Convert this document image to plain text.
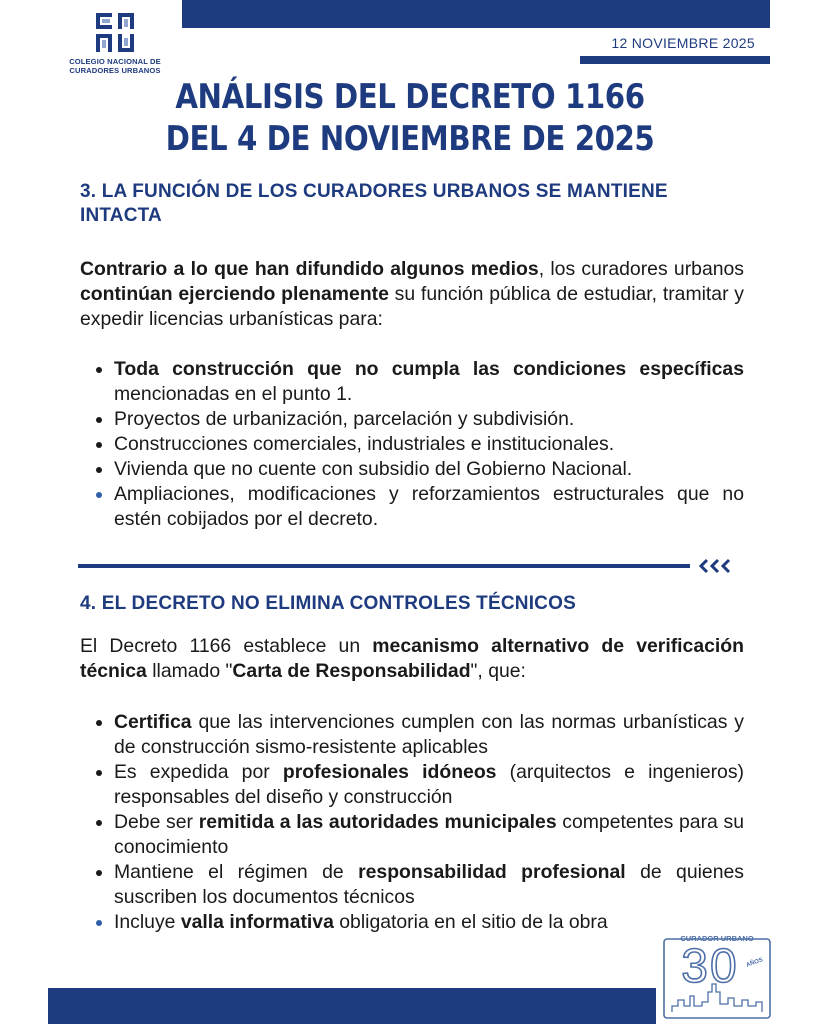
COLEGIO NACIONAL DE
CURADORES URBANOS
12 NOVIEMBRE 2025
ANÁLISIS DEL DECRETO 1166
DEL 4 DE NOVIEMBRE DE 2025
3. LA FUNCIÓN DE LOS CURADORES URBANOS SE MANTIENE INTACTA

Contrario a lo que han difundido algunos medios, los curadores urbanos continúan ejerciendo plenamente su función pública de estudiar, tramitar y expedir licencias urbanísticas para:

Toda construcción que no cumpla las condiciones específicas mencionadas en el punto 1.
Proyectos de urbanización, parcelación y subdivisión.
Construcciones comerciales, industriales e institucionales.
Vivienda que no cuente con subsidio del Gobierno Nacional.
Ampliaciones, modificaciones y reforzamientos estructurales que no estén cobijados por el decreto.
4. EL DECRETO NO ELIMINA CONTROLES TÉCNICOS

El Decreto 1166 establece un mecanismo alternativo de verificación técnica llamado "Carta de Responsabilidad", que:

Certifica que las intervenciones cumplen con las normas urbanísticas y de construcción sismo-resistente aplicables
Es expedida por profesionales idóneos (arquitectos e ingenieros) responsables del diseño y construcción
Debe ser remitida a las autoridades municipales competentes para su conocimiento
Mantiene el régimen de responsabilidad profesional de quienes suscriben los documentos técnicos
Incluye valla informativa obligatoria en el sitio de la obra
CURADOR URBANO
30	AÑOS
